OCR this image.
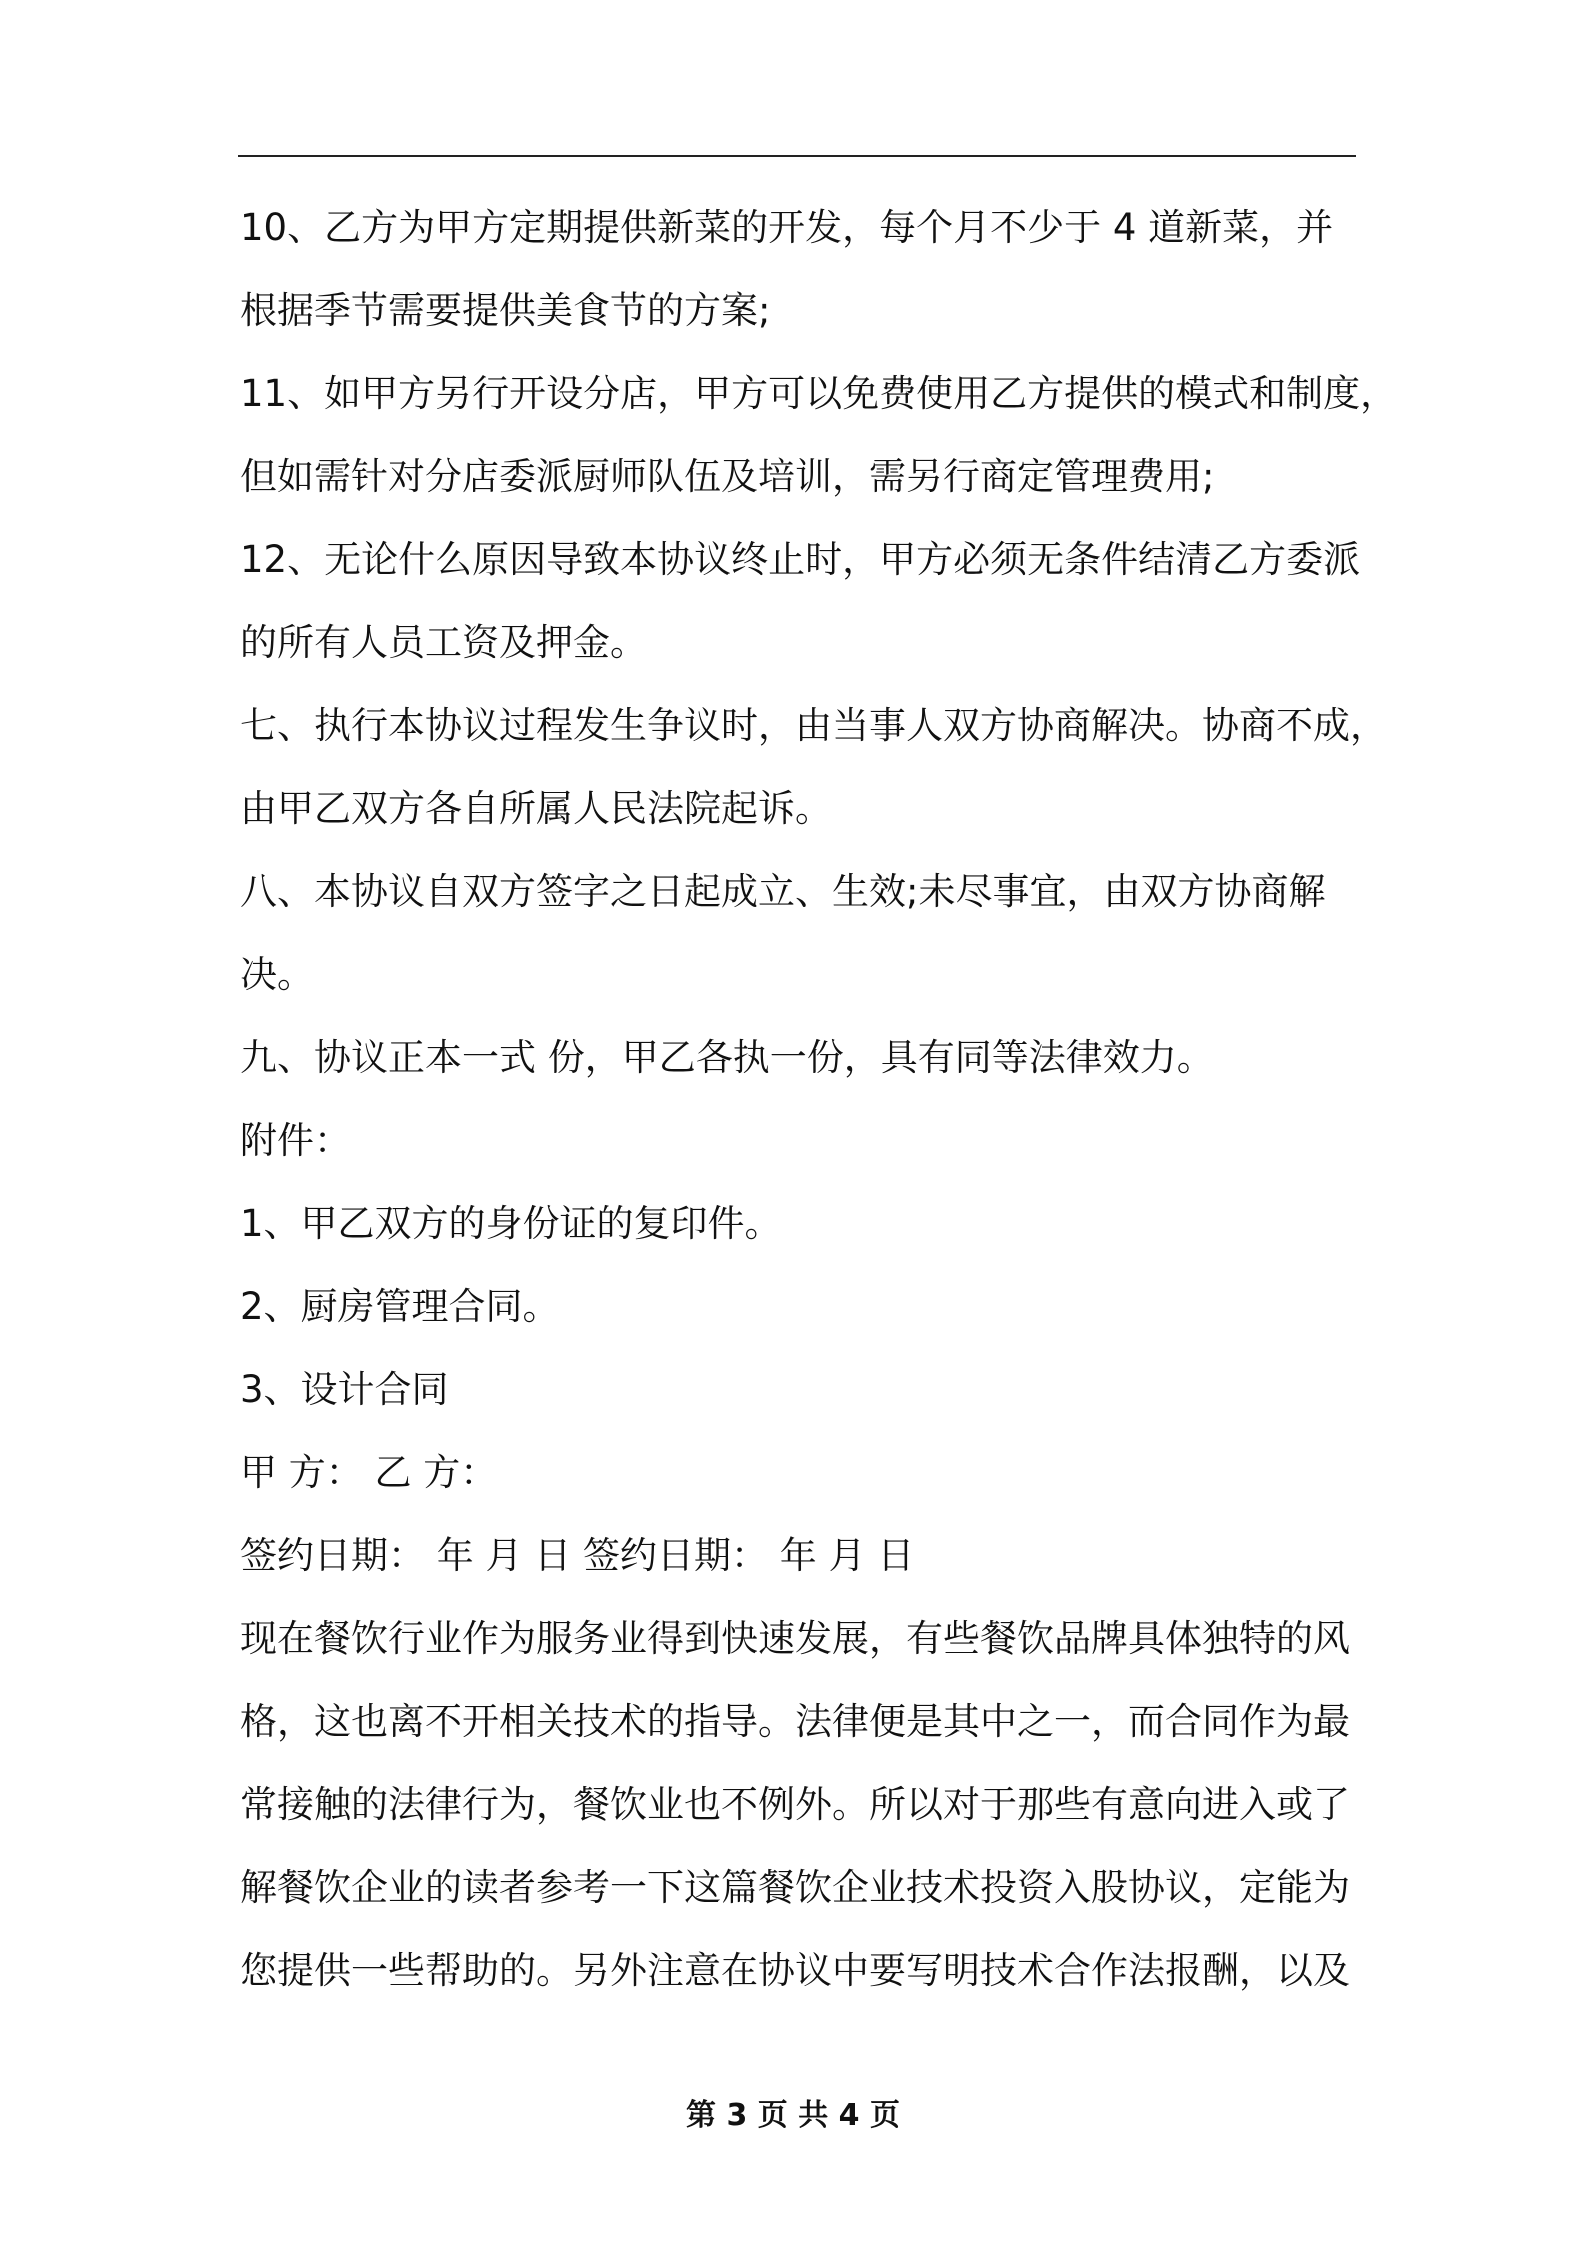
10、乙方为甲方定期提供新菜的开发，每个月不少于 4 道新菜，并
根据季节需要提供美食节的方案;
11、如甲方另行开设分店，甲方可以免费使用乙方提供的模式和制度，
但如需针对分店委派厨师队伍及培训，需另行商定管理费用;
12、无论什么原因导致本协议终止时，甲方必须无条件结清乙方委派
的所有人员工资及押金。
七、执行本协议过程发生争议时，由当事人双方协商解决。协商不成，
由甲乙双方各自所属人民法院起诉。
八、本协议自双方签字之日起成立、生效;未尽事宜，由双方协商解
决。
九、协议正本一式 份，甲乙各执一份，具有同等法律效力。
附件：
1、甲乙双方的身份证的复印件。
2、厨房管理合同。
3、设计合同
甲 方： 乙 方：
签约日期： 年 月 日 签约日期： 年 月 日
现在餐饮行业作为服务业得到快速发展，有些餐饮品牌具体独特的风
格，这也离不开相关技术的指导。法律便是其中之一，而合同作为最
常接触的法律行为，餐饮业也不例外。所以对于那些有意向进入或了
解餐饮企业的读者参考一下这篇餐饮企业技术投资入股协议，定能为
您提供一些帮助的。另外注意在协议中要写明技术合作法报酬，以及
第 3 页 共 4 页
